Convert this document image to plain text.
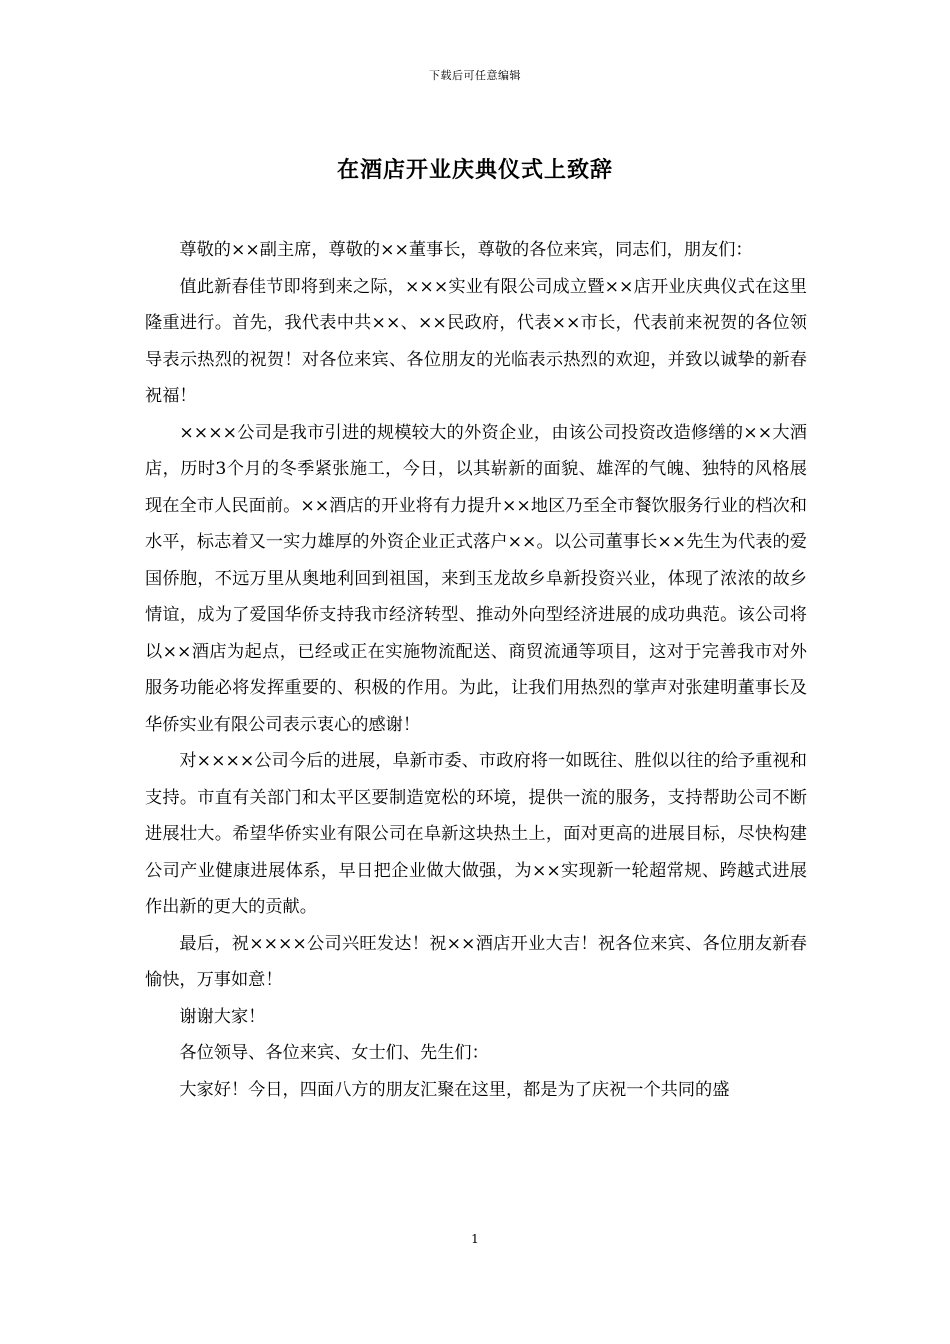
下载后可任意编辑
在酒店开业庆典仪式上致辞

尊敬的××副主席，尊敬的××董事长，尊敬的各位来宾，同志们，朋友们：

值此新春佳节即将到来之际，×××实业有限公司成立暨××店开业庆典仪式在这里隆重进行。首先，我代表中共××、××民政府，代表××市长，代表前来祝贺的各位领导表示热烈的祝贺！对各位来宾、各位朋友的光临表示热烈的欢迎，并致以诚挚的新春祝福！

××××公司是我市引进的规模较大的外资企业，由该公司投资改造修缮的××大酒店，历时3个月的冬季紧张施工，今日，以其崭新的面貌、雄浑的气魄、独特的风格展现在全市人民面前。××酒店的开业将有力提升××地区乃至全市餐饮服务行业的档次和水平，标志着又一实力雄厚的外资企业正式落户××。以公司董事长××先生为代表的爱国侨胞，不远万里从奥地利回到祖国，来到玉龙故乡阜新投资兴业，体现了浓浓的故乡情谊，成为了爱国华侨支持我市经济转型、推动外向型经济进展的成功典范。该公司将以××酒店为起点，已经或正在实施物流配送、商贸流通等项目，这对于完善我市对外服务功能必将发挥重要的、积极的作用。为此，让我们用热烈的掌声对张建明董事长及华侨实业有限公司表示衷心的感谢！

对××××公司今后的进展，阜新市委、市政府将一如既往、胜似以往的给予重视和支持。市直有关部门和太平区要制造宽松的环境，提供一流的服务，支持帮助公司不断进展壮大。希望华侨实业有限公司在阜新这块热土上，面对更高的进展目标，尽快构建公司产业健康进展体系，早日把企业做大做强，为××实现新一轮超常规、跨越式进展作出新的更大的贡献。

最后，祝××××公司兴旺发达！祝××酒店开业大吉！祝各位来宾、各位朋友新春愉快，万事如意！

谢谢大家！

各位领导、各位来宾、女士们、先生们：

大家好！今日，四面八方的朋友汇聚在这里，都是为了庆祝一个共同的盛

1
